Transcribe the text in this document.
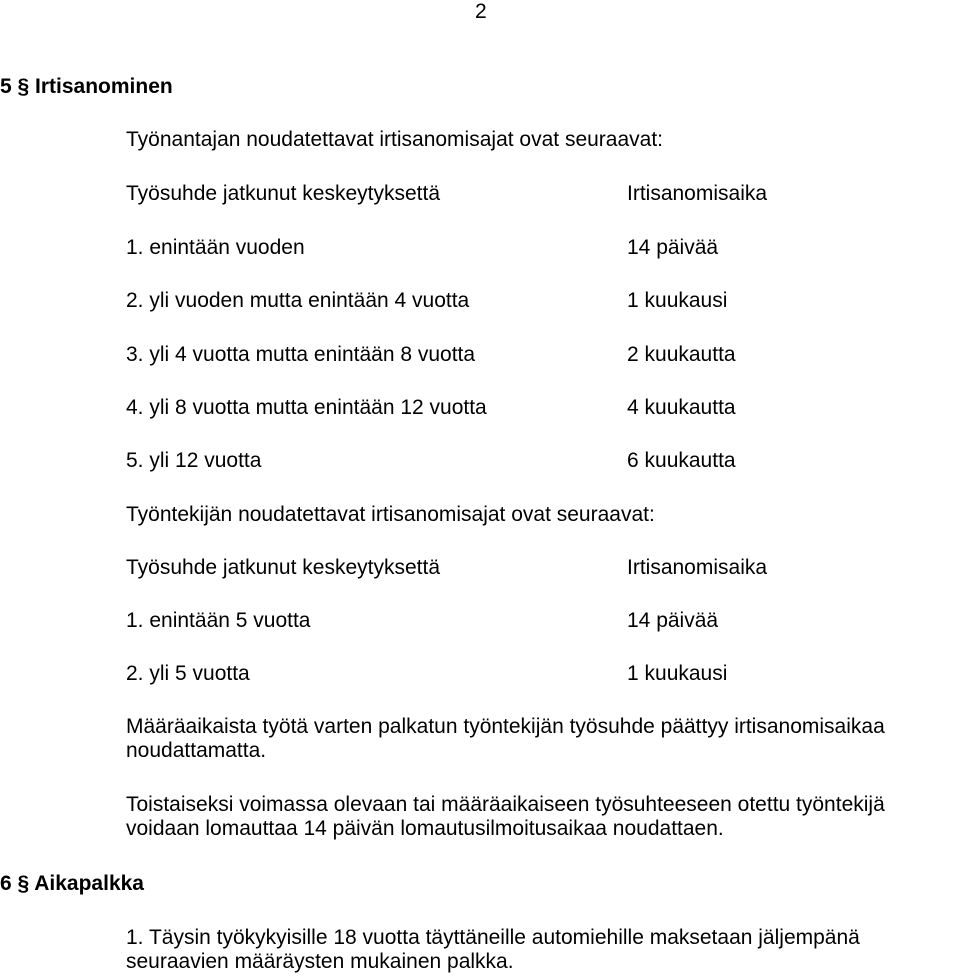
2
5 § Irtisanominen
Työnantajan noudatettavat irtisanomisajat ovat seuraavat:
Työsuhde jatkunut keskeytyksettä	Irtisanomisaika
1. enintään vuoden	14 päivää
2. yli vuoden mutta enintään 4 vuotta	1 kuukausi
3. yli 4 vuotta mutta enintään 8 vuotta	2 kuukautta
4. yli 8 vuotta mutta enintään 12 vuotta	4 kuukautta
5. yli 12 vuotta	6 kuukautta
Työntekijän noudatettavat irtisanomisajat ovat seuraavat:
Työsuhde jatkunut keskeytyksettä	Irtisanomisaika
1. enintään 5 vuotta	14 päivää
2. yli 5 vuotta	1 kuukausi
Määräaikaista työtä varten palkatun työntekijän työsuhde päättyy irtisanomisaikaa noudattamatta.
Toistaiseksi voimassa olevaan tai määräaikaiseen työsuhteeseen otettu työntekijä voidaan lomauttaa 14 päivän lomautusilmoitusaikaa noudattaen.
6 § Aikapalkka
1. Täysin työkykyisille 18 vuotta täyttäneille automiehille maksetaan jäljempänä seuraavien määräysten mukainen palkka.
